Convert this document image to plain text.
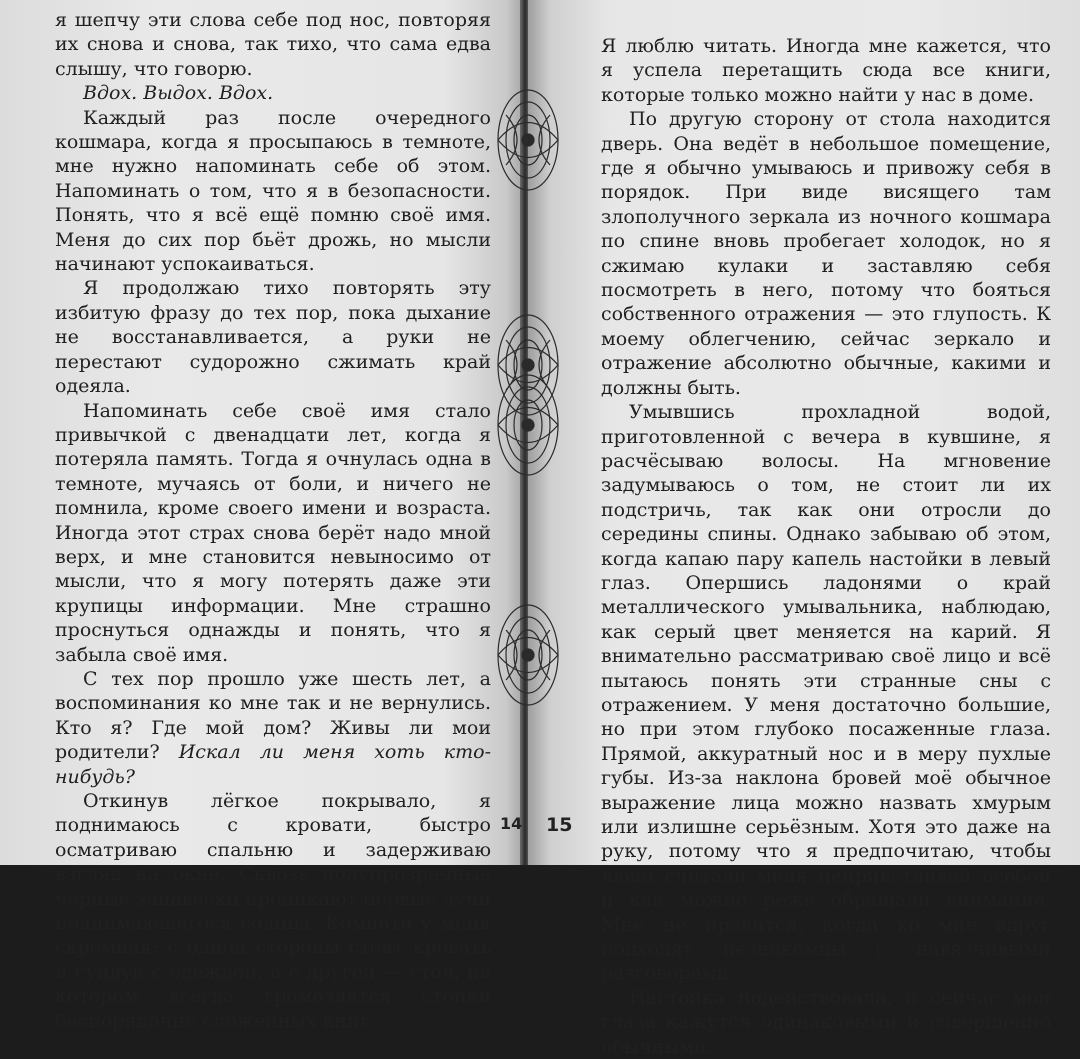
я шепчу эти слова себе под нос, повторяя их снова и снова, так тихо, что сама едва слышу, что говорю.

Вдох. Выдох. Вдох.

Каждый раз после очередного кошмара, когда я просыпаюсь в темноте, мне нужно напоминать себе об этом. Напоминать о том, что я в безопасности. Понять, что я всё ещё помню своё имя. Меня до сих пор бьёт дрожь, но мысли начинают успокаиваться.

Я продолжаю тихо повторять эту избитую фразу до тех пор, пока дыхание не восстанавливается, а руки не перестают судорожно сжимать край одеяла.

Напоминать себе своё имя стало привычкой с двенадцати лет, когда я потеряла память. Тогда я очнулась одна в темноте, мучаясь от боли, и ничего не помнила, кроме своего имени и возраста. Иногда этот страх снова берёт надо мной верх, и мне становится невыносимо от мысли, что я могу потерять даже эти крупицы информации. Мне страшно проснуться однажды и понять, что я забыла своё имя.

С тех пор прошло уже шесть лет, а воспоминания ко мне так и не вернулись. Кто я? Где мой дом? Живы ли мои родители? Искал ли меня хоть кто-нибудь?

Откинув лёгкое покрывало, я поднимаюсь с кровати, быстро осматриваю спальню и задерживаю взгляд на окне. Сквозь полупрозрачные чёрные занавески проникают первые лучи поднимающегося солнца. Комната у меня скромная: с одной стороны стоят кровать и сундук с одеждой, а с другой — стол, на котором всегда громоздятся стопки беспорядочно сложенных книг.

Я люблю читать. Иногда мне кажется, что я успела перетащить сюда все книги, которые только можно найти у нас в доме.

По другую сторону от стола находится дверь. Она ведёт в небольшое помещение, где я обычно умываюсь и привожу себя в порядок. При виде висящего там злополучного зеркала из ночного кошмара по спине вновь пробегает холодок, но я сжимаю кулаки и заставляю себя посмотреть в него, потому что бояться собственного отражения — это глупость. К моему облегчению, сейчас зеркало и отражение абсолютно обычные, какими и должны быть.

Умывшись прохладной водой, приготовленной с вечера в кувшине, я расчёсываю волосы. На мгновение задумываюсь о том, не стоит ли их подстричь, так как они отросли до середины спины. Однако забываю об этом, когда капаю пару капель настойки в левый глаз. Опершись ладонями о край металлического умывальника, наблюдаю, как серый цвет меняется на карий. Я внимательно рассматриваю своё лицо и всё пытаюсь понять эти странные сны с отражением. У меня достаточно большие, но при этом глубоко посаженные глаза. Прямой, аккуратный нос и в меру пухлые губы. Из-за наклона бровей моё обычное выражение лица можно назвать хмурым или излишне серьёзным. Хотя это даже на руку, потому что я предпочитаю, чтобы люди считали меня неприветливой особой и как можно реже обращали внимание. Мне не нравится, когда ко мне вдруг подходят незнакомцы с навязчивыми разговорами.

Настойка подействовала, и сейчас мои глаза кажутся одинаковыми и совершенно обычными.

14 15
